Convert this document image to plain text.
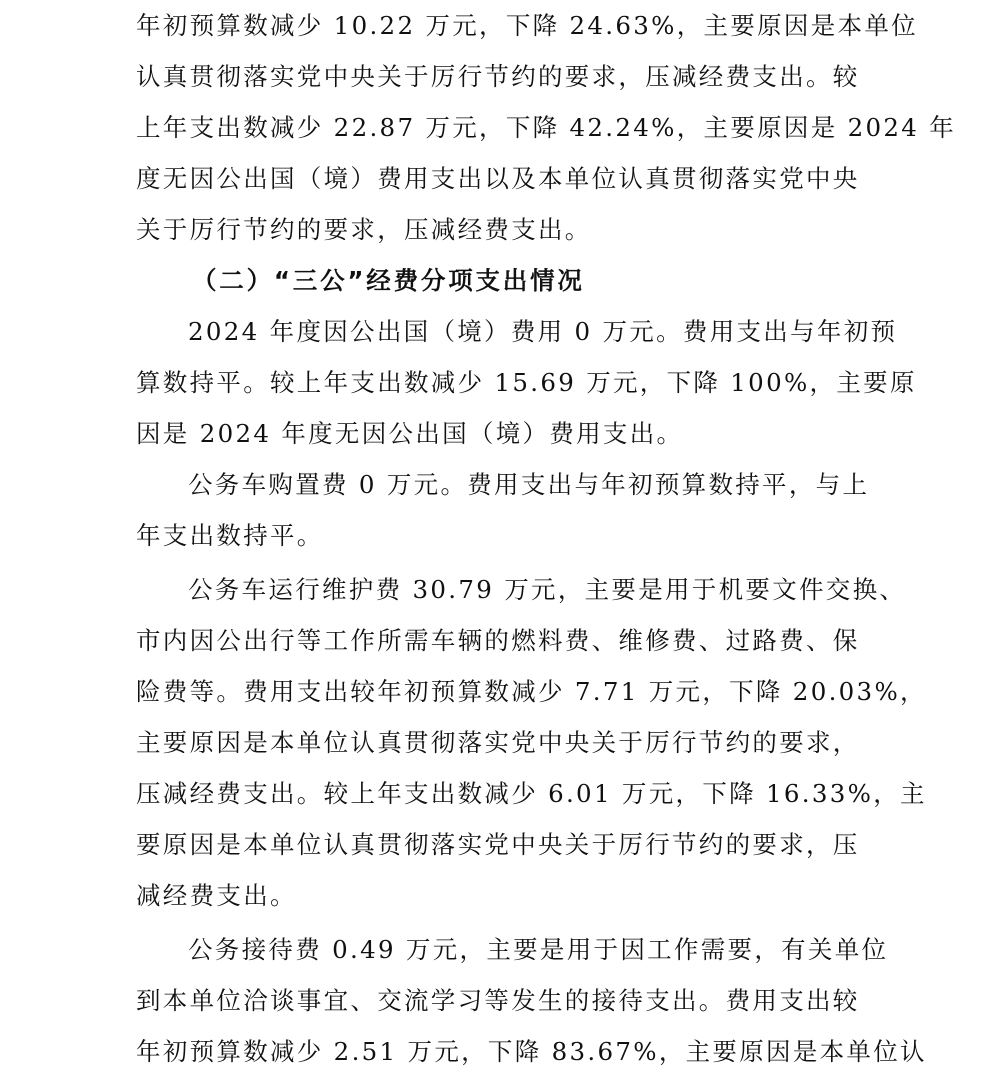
年初预算数减少 10.22 万元，下降 24.63%，主要原因是本单位
认真贯彻落实党中央关于厉行节约的要求，压减经费支出。较
上年支出数减少 22.87 万元，下降 42.24%，主要原因是 2024 年
度无因公出国（境）费用支出以及本单位认真贯彻落实党中央
关于厉行节约的要求，压减经费支出。
（二）“三公”经费分项支出情况
2024 年度因公出国（境）费用 0 万元。费用支出与年初预
算数持平。较上年支出数减少 15.69 万元，下降 100%，主要原
因是 2024 年度无因公出国（境）费用支出。
公务车购置费 0 万元。费用支出与年初预算数持平，与上
年支出数持平。
公务车运行维护费 30.79 万元，主要是用于机要文件交换、
市内因公出行等工作所需车辆的燃料费、维修费、过路费、保
险费等。费用支出较年初预算数减少 7.71 万元，下降 20.03%，
主要原因是本单位认真贯彻落实党中央关于厉行节约的要求，
压减经费支出。较上年支出数减少 6.01 万元，下降 16.33%，主
要原因是本单位认真贯彻落实党中央关于厉行节约的要求，压
减经费支出。
公务接待费 0.49 万元，主要是用于因工作需要，有关单位
到本单位洽谈事宜、交流学习等发生的接待支出。费用支出较
年初预算数减少 2.51 万元，下降 83.67%，主要原因是本单位认
